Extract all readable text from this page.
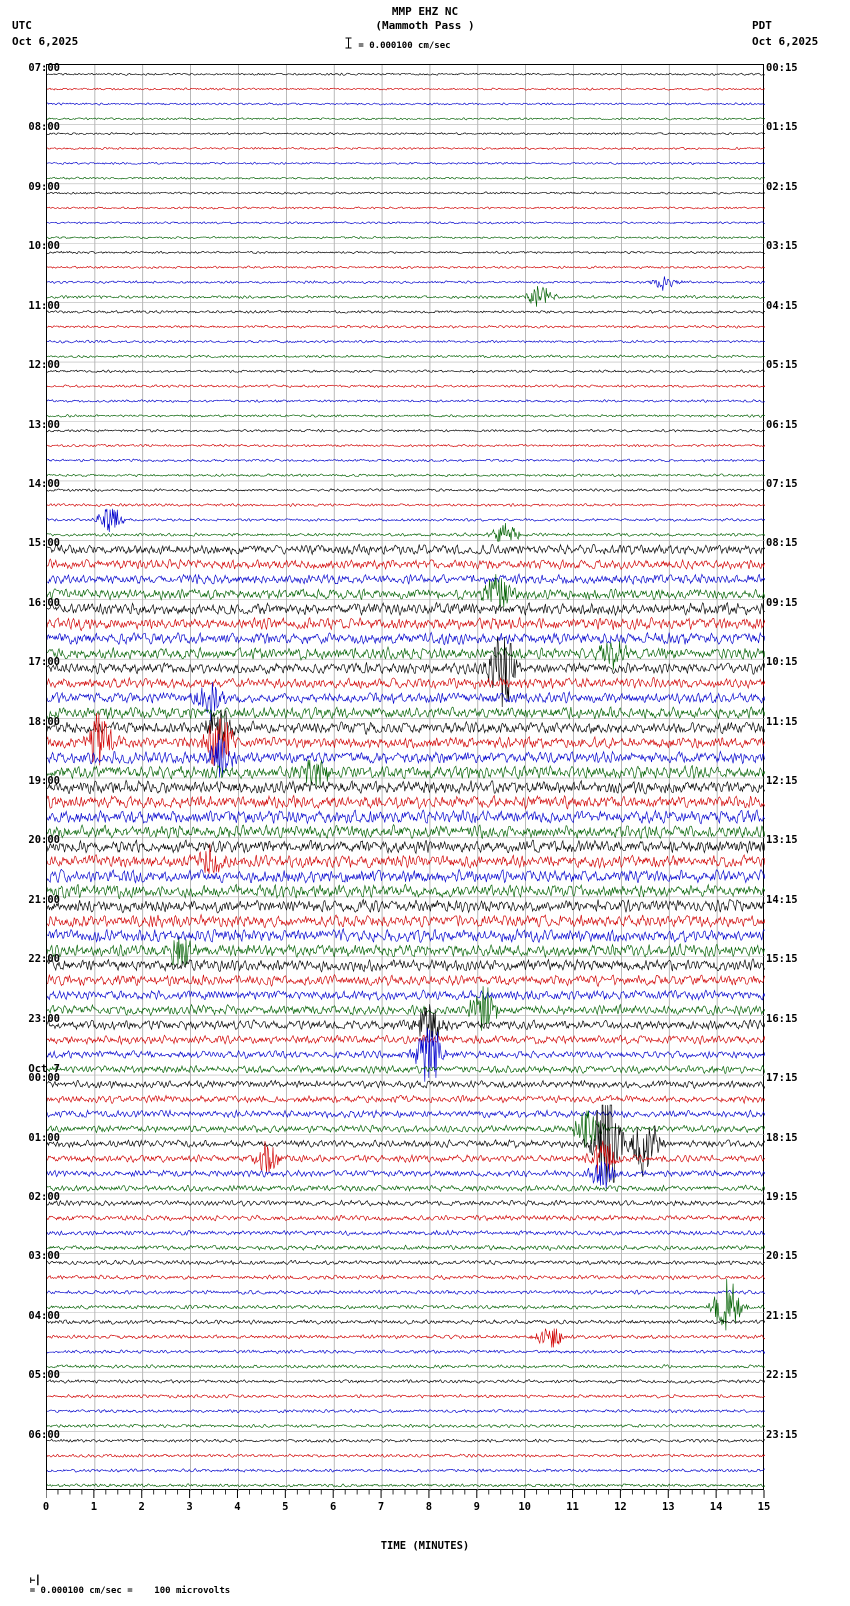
UTC
Oct 6,2025
MMP EHZ NC
(Mammoth Pass )
= 0.000100 cm/sec
PDT
Oct 6,2025
07:00
08:00
09:00
10:00
11:00
12:00
13:00
14:00
15:00
16:00
17:00
18:00
19:00
20:00
21:00
22:00
23:00
Oct 7
00:00
01:00
02:00
03:00
04:00
05:00
06:00
00:15
01:15
02:15
03:15
04:15
05:15
06:15
07:15
08:15
09:15
10:15
11:15
12:15
13:15
14:15
15:15
16:15
17:15
18:15
19:15
20:15
21:15
22:15
23:15
0	1	2	3	4	5	6	7	8	9	10	11	12	13	14	15
TIME (MINUTES)

⊢┃
= 0.000100 cm/sec =    100 microvolts
